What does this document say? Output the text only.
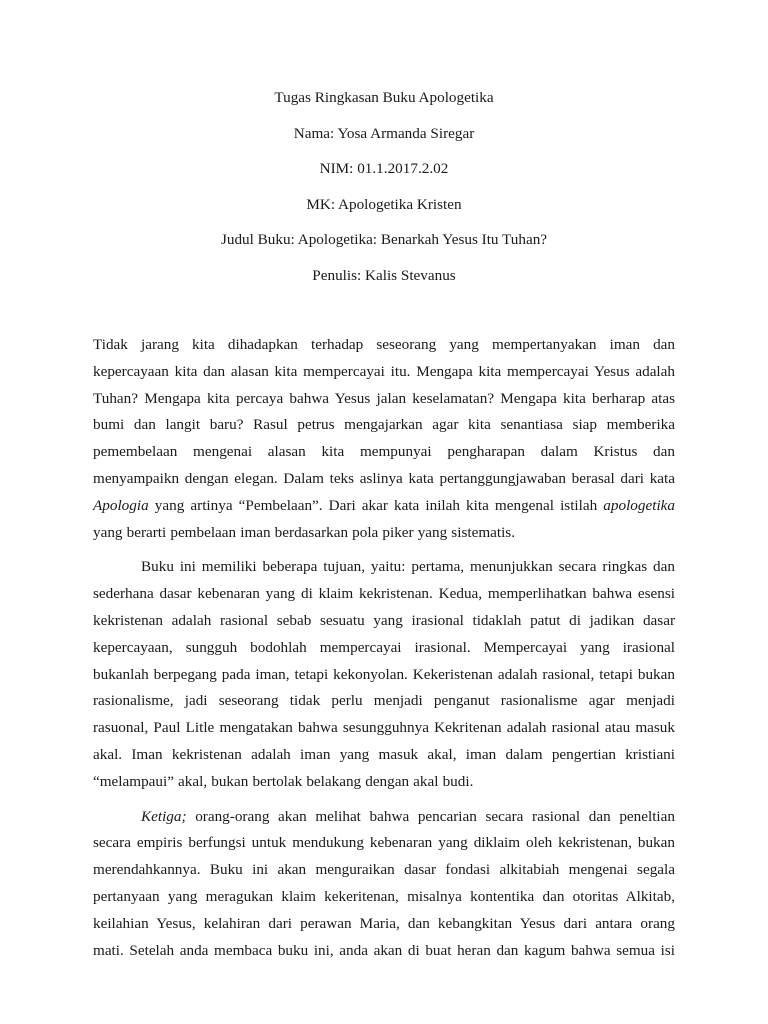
Tugas Ringkasan Buku Apologetika
Nama: Yosa Armanda Siregar
NIM: 01.1.2017.2.02
MK: Apologetika Kristen
Judul Buku: Apologetika: Benarkah Yesus Itu Tuhan?
Penulis: Kalis Stevanus

Tidak jarang kita dihadapkan terhadap seseorang yang mempertanyakan iman dan
kepercayaan kita dan alasan kita mempercayai itu. Mengapa kita mempercayai Yesus adalah
Tuhan? Mengapa kita percaya bahwa Yesus jalan keselamatan? Mengapa kita berharap atas
bumi dan langit baru? Rasul petrus mengajarkan agar kita senantiasa siap memberika
pemembelaan mengenai alasan kita mempunyai pengharapan dalam Kristus dan
menyampaikn dengan elegan. Dalam teks aslinya kata pertanggungjawaban berasal dari kata
Apologia yang artinya “Pembelaan”. Dari akar kata inilah kita mengenal istilah apologetika
yang berarti pembelaan iman berdasarkan pola piker yang sistematis.

Buku ini memiliki beberapa tujuan, yaitu: pertama, menunjukkan secara ringkas dan
sederhana dasar kebenaran yang di klaim kekristenan. Kedua, memperlihatkan bahwa esensi
kekristenan adalah rasional sebab sesuatu yang irasional tidaklah patut di jadikan dasar
kepercayaan, sungguh bodohlah mempercayai irasional. Mempercayai yang irasional
bukanlah berpegang pada iman, tetapi kekonyolan. Kekeristenan adalah rasional, tetapi bukan
rasionalisme, jadi seseorang tidak perlu menjadi penganut rasionalisme agar menjadi
rasuonal, Paul Litle mengatakan bahwa sesungguhnya Kekritenan adalah rasional atau masuk
akal. Iman kekristenan adalah iman yang masuk akal, iman dalam pengertian kristiani
“melampaui” akal, bukan bertolak belakang dengan akal budi.

Ketiga; orang-orang akan melihat bahwa pencarian secara rasional dan peneltian
secara empiris berfungsi untuk mendukung kebenaran yang diklaim oleh kekristenan, bukan
merendahkannya. Buku ini akan menguraikan dasar fondasi alkitabiah mengenai segala
pertanyaan yang meragukan klaim kekeritenan, misalnya kontentika dan otoritas Alkitab,
keilahian Yesus, kelahiran dari perawan Maria, dan kebangkitan Yesus dari antara orang
mati. Setelah anda membaca buku ini, anda akan di buat heran dan kagum bahwa semua isi
